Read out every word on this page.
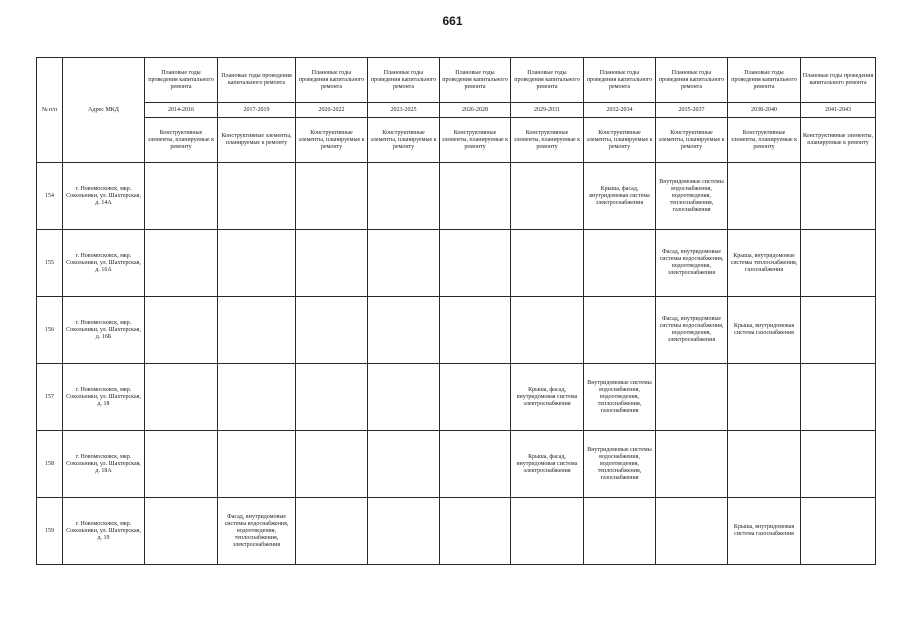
661
№ п/п	Адрес МКД	Плановые годы проведения капитального ремонта	Плановые годы проведения капитального ремонта	Плановые годы проведения капитального ремонта	Плановые годы проведения капитального ремонта	Плановые годы проведения капитального ремонта	Плановые годы проведения капитального ремонта	Плановые годы проведения капитального ремонта	Плановые годы проведения капитального ремонта	Плановые годы проведения капитального ремонта	Плановые годы проведения капитального ремонта
		2014-2016	2017-2019	2020-2022	2023-2025	2026-2028	2029-2031	2032-2034	2035-2037	2038-2040	2041-2043
		Конструктивные элементы, планируемые к ремонту	Конструктивные элементы, планируемые к ремонту	Конструктивные элементы, планируемые к ремонту	Конструктивные элементы, планируемые к ремонту	Конструктивные элементы, планируемые к ремонту	Конструктивные элементы, планируемые к ремонту	Конструктивные элементы, планируемые к ремонту	Конструктивные элементы, планируемые к ремонту	Конструктивные элементы, планируемые к ремонту	Конструктивные элементы, планируемые к ремонту
154	г. Новомосковск, мкр. Сокольники, ул. Шахтерская, д. 14А							Крыша, фасад, внутридомовая система электроснабжения	Внутридомовые системы водоснабжения, водоотведения, теплоснабжения, газоснабжения		
155	г. Новомосковск, мкр. Сокольники, ул. Шахтерская, д. 16А								Фасад, внутридомовые системы водоснабжения, водоотведения, электроснабжения	Крыша, внутридомовые системы теплоснабжения, газоснабжения	
156	г. Новомосковск, мкр. Сокольники, ул. Шахтерская, д. 16Б								Фасад, внутридомовые системы водоснабжения, водоотведения, электроснабжения	Крыша, внутридомовая система газоснабжения	
157	г. Новомосковск, мкр. Сокольники, ул. Шахтерская, д. 18						Крыша, фасад, внутридомовая система электроснабжения	Внутридомовые системы водоснабжения, водоотведения, теплоснабжения, газоснабжения			
158	г. Новомосковск, мкр. Сокольники, ул. Шахтерская, д. 18А						Крыша, фасад, внутридомовая система электроснабжения	Внутридомовые системы водоснабжения, водоотведения, теплоснабжения, газоснабжения			
159	г. Новомосковск, мкр. Сокольники, ул. Шахтерская, д. 19		Фасад, внутридомовые системы водоснабжения, водоотведения, теплоснабжения, электроснабжения							Крыша, внутридомовая система газоснабжения	
